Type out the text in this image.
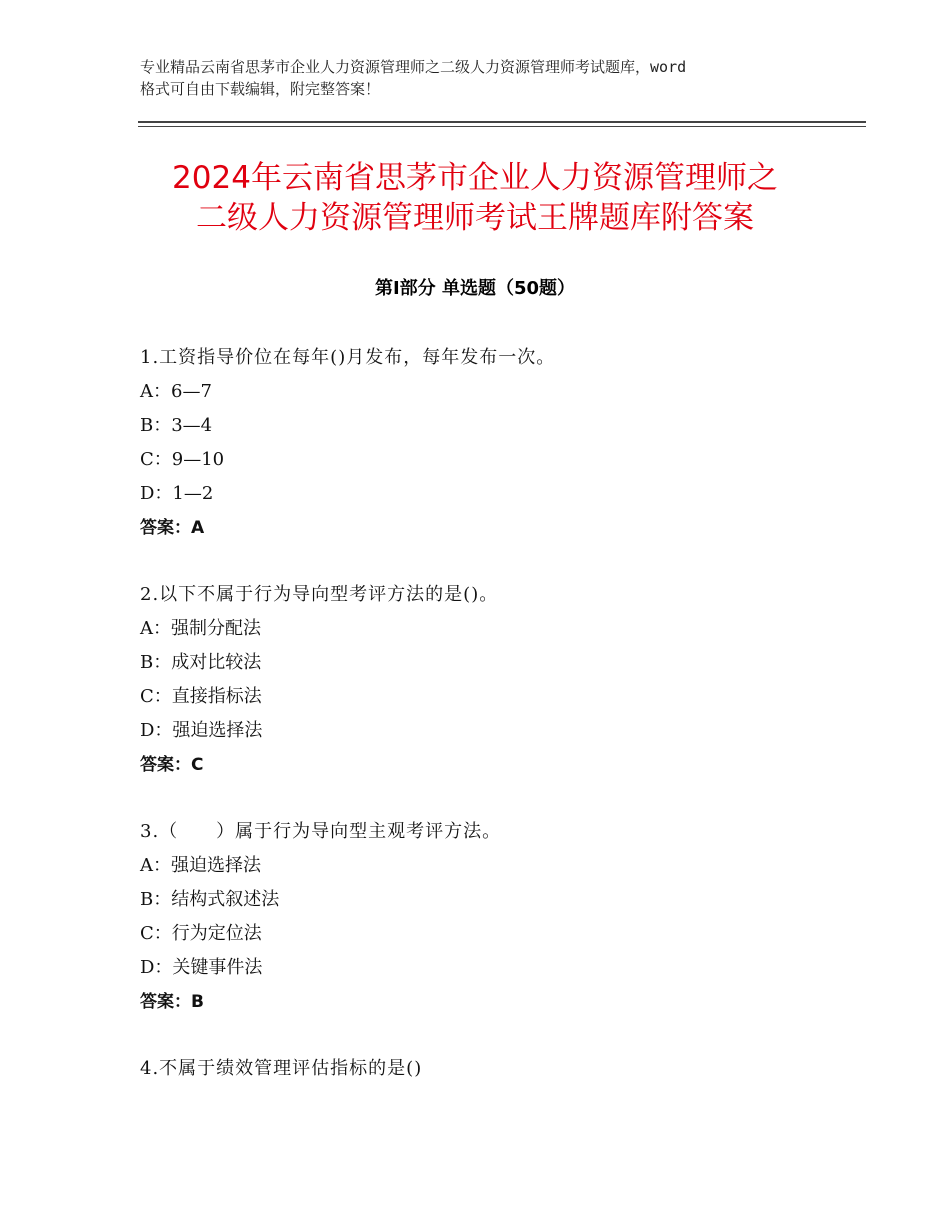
专业精品云南省思茅市企业人力资源管理师之二级人力资源管理师考试题库，word
格式可自由下载编辑，附完整答案！
2024年云南省思茅市企业人力资源管理师之
二级人力资源管理师考试王牌题库附答案
第Ⅰ部分 单选题（50题）
1.工资指导价位在每年()月发布，每年发布一次。
A：6—7
B：3—4
C：9—10
D：1—2
答案：A
2.以下不属于行为导向型考评方法的是()。
A：强制分配法
B：成对比较法
C：直接指标法
D：强迫选择法
答案：C
3.（　　）属于行为导向型主观考评方法。
A：强迫选择法
B：结构式叙述法
C：行为定位法
D：关键事件法
答案：B
4.不属于绩效管理评估指标的是()
